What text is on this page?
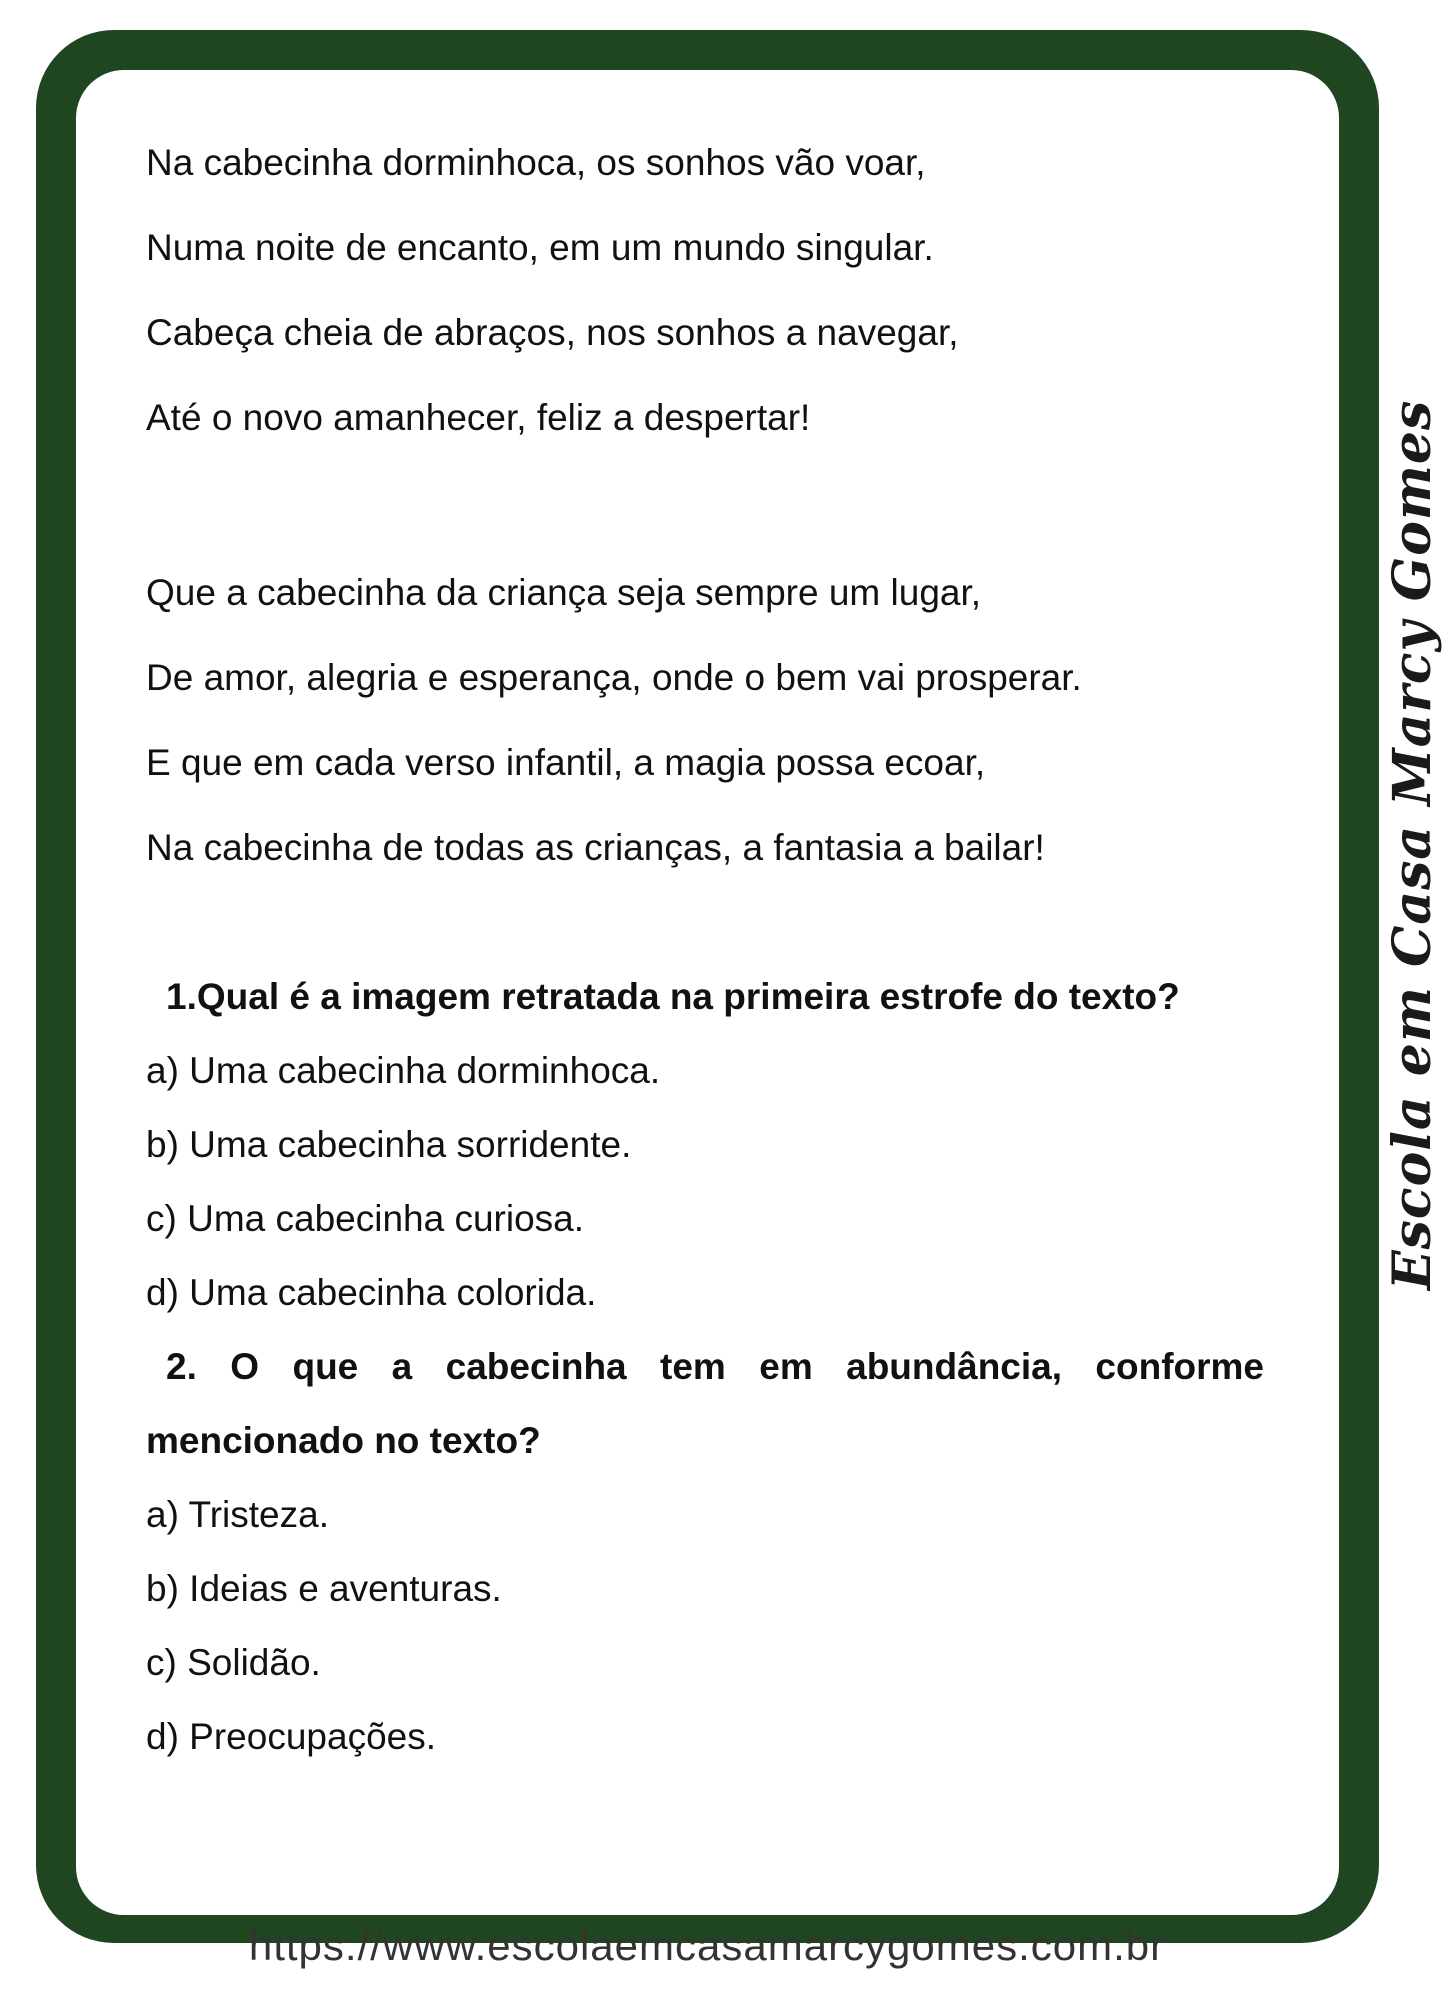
Na cabecinha dorminhoca, os sonhos vão voar,
Numa noite de encanto, em um mundo singular.
Cabeça cheia de abraços, nos sonhos a navegar,
Até o novo amanhecer, feliz a despertar!
Que a cabecinha da criança seja sempre um lugar,
De amor, alegria e esperança, onde o bem vai prosperar.
E que em cada verso infantil, a magia possa ecoar,
Na cabecinha de todas as crianças, a fantasia a bailar!

1.Qual é a imagem retratada na primeira estrofe do texto?

a) Uma cabecinha dorminhoca.
b) Uma cabecinha sorridente.
c) Uma cabecinha curiosa.
d) Uma cabecinha colorida.

2. O que a cabecinha tem em abundância, conforme mencionado no texto?

a) Tristeza.
b) Ideias e aventuras.
c) Solidão.
d) Preocupações.
Escola em Casa Marcy Gomes
https://www.escolaemcasamarcygomes.com.br
